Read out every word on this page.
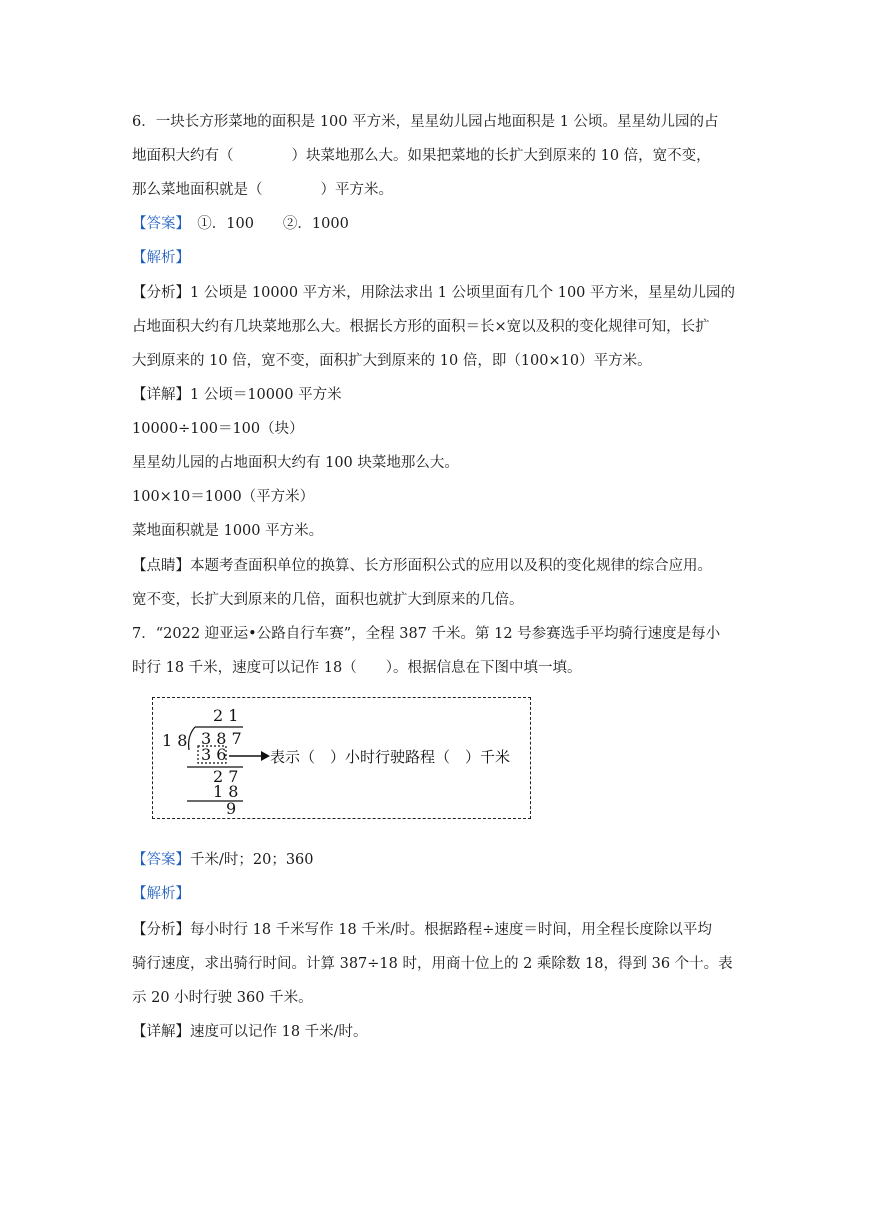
6．一块长方形菜地的面积是 100 平方米，星星幼儿园占地面积是 1 公顷。星星幼儿园的占
地面积大约有（　　　　）块菜地那么大。如果把菜地的长扩大到原来的 10 倍，宽不变，
那么菜地面积就是（　　　　）平方米。
【答案】　①．100　　②．1000
【解析】
【分析】1 公顷是 10000 平方米，用除法求出 1 公顷里面有几个 100 平方米，星星幼儿园的
占地面积大约有几块菜地那么大。根据长方形的面积＝长×宽以及积的变化规律可知，长扩
大到原来的 10 倍，宽不变，面积扩大到原来的 10 倍，即（100×10）平方米。
【详解】1 公顷＝10000 平方米
10000÷100＝100（块）
星星幼儿园的占地面积大约有 100 块菜地那么大。
100×10＝1000（平方米）
菜地面积就是 1000 平方米。
【点睛】本题考查面积单位的换算、长方形面积公式的应用以及积的变化规律的综合应用。
宽不变，长扩大到原来的几倍，面积也就扩大到原来的几倍。
7．“2022 迎亚运•公路自行车赛”，全程 387 千米。第 12 号参赛选手平均骑行速度是每小
时行 18 千米，速度可以记作 18（　　）。根据信息在下图中填一填。
2 1
1 8 3 8 7
3 6	表示（　）小时行驶路程（　）千米
2 7
1 8
9
【答案】千米/时；20；360
【解析】
【分析】每小时行 18 千米写作 18 千米/时。根据路程÷速度＝时间，用全程长度除以平均
骑行速度，求出骑行时间。计算 387÷18 时，用商十位上的 2 乘除数 18，得到 36 个十。表
示 20 小时行驶 360 千米。
【详解】速度可以记作 18 千米/时。
